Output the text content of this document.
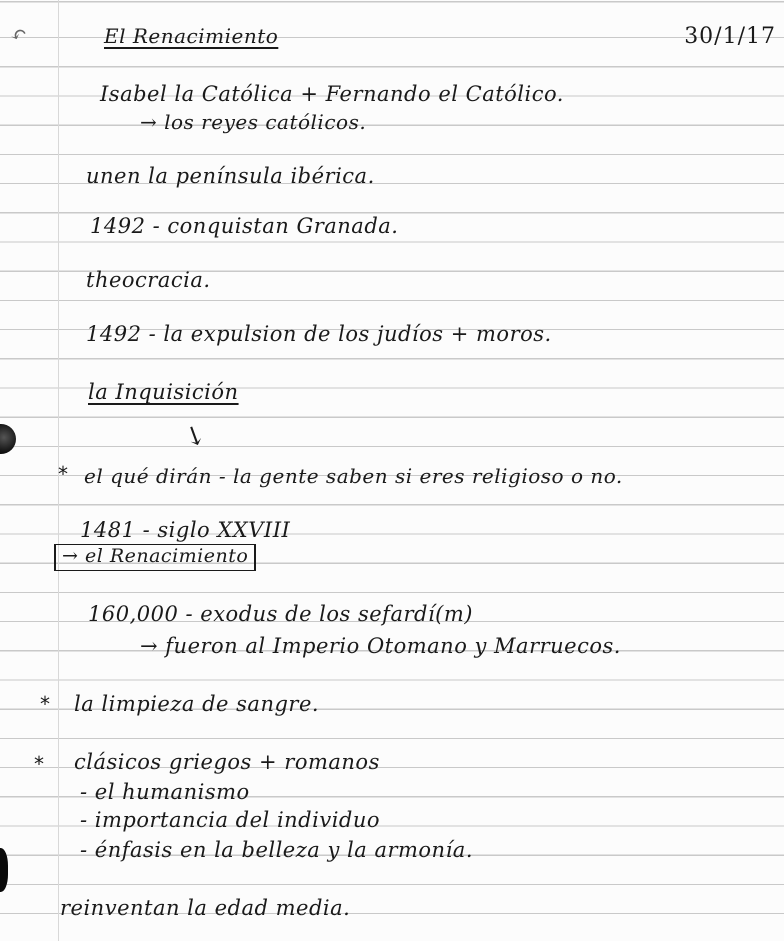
↶	El Renacimiento	30/1/17
Isabel la Católica + Fernando el Católico.
→ los reyes católicos.
unen la península ibérica.
1492 - conquistan Granada.
theocracia.
1492 - la expulsion de los judíos + moros.
la Inquisición
↓
* el qué dirán - la gente saben si eres religioso o no.
1481 - siglo XXVIII
→ el Renacimiento
160,000 - exodus de los sefardí(m)
→ fueron al Imperio Otomano y Marruecos.
* la limpieza de sangre.
* clásicos griegos + romanos
- el humanismo
- importancia del individuo
- énfasis en la belleza y la armonía.
reinventan la edad media.
